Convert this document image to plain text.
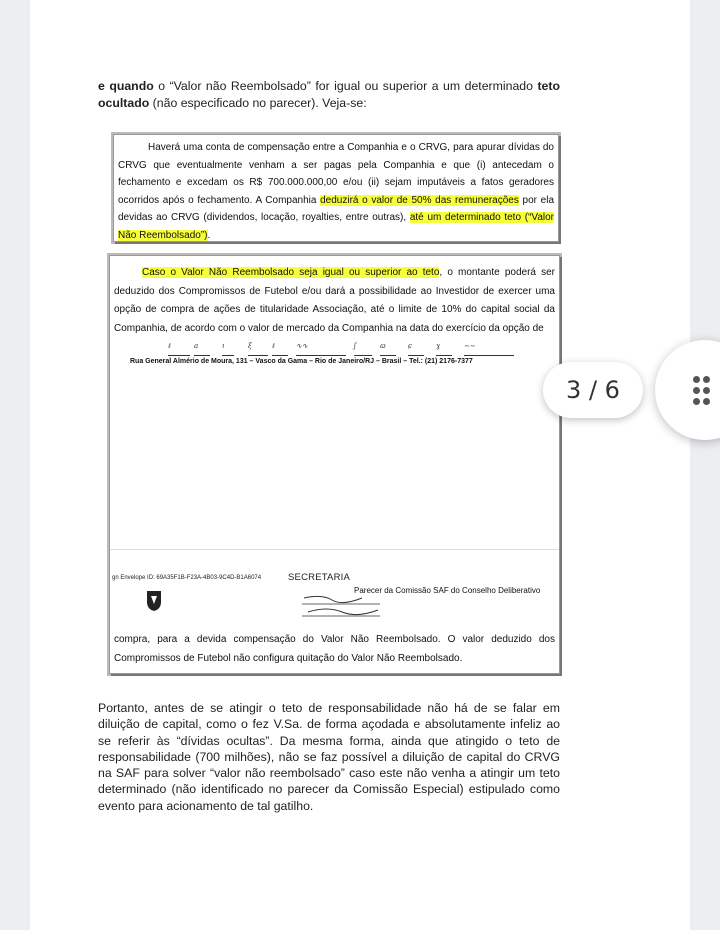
e quando o “Valor não Reembolsado” for igual ou superior a um determinado teto ocultado (não especificado no parecer). Veja-se:
Haverá uma conta de compensação entre a Companhia e o CRVG, para apurar dívidas do CRVG que eventualmente venham a ser pagas pela Companhia e que (i) antecedam o fechamento e excedam os R$ 700.000.000,00 e/ou (ii) sejam imputáveis a fatos geradores ocorridos após o fechamento. A Companhia deduzirá o valor de 50% das remunerações por ela devidas ao CRVG (dividendos, locação, royalties, entre outras), até um determinado teto (“Valor Não Reembolsado”).
Caso o Valor Não Reembolsado seja igual ou superior ao teto, o montante poderá ser deduzido dos Compromissos de Futebol e/ou dará a possibilidade ao Investidor de exercer uma opção de compra de ações de titularidade Associação, até o limite de 10% do capital social da Companhia, de acordo com o valor de mercado da Companhia na data do exercício da opção de
ℓ	a	ɩ	ξ	ℓ	∿∿	ʃ	ɷ	ɕ	ɣ	∼∼
Rua General Almério de Moura, 131 – Vasco da Gama – Rio de Janeiro/RJ – Brasil – Tel.: (21) 2176-7377
gn Envelope ID: 69A35F1B-F23A-4B03-9C4D-B1A6074	SECRETARIA
Parecer da Comissão SAF do Conselho Deliberativo
compra, para a devida compensação do Valor Não Reembolsado. O valor deduzido dos Compromissos de Futebol não configura quitação do Valor Não Reembolsado.
Portanto, antes de se atingir o teto de responsabilidade não há de se falar em diluição de capital, como o fez V.Sa. de forma açodada e absolutamente infeliz ao se referir às “dívidas ocultas”. Da mesma forma, ainda que atingido o teto de responsabilidade (700 milhões), não se faz possível a diluição de capital do CRVG na SAF para solver “valor não reembolsado” caso este não venha a atingir um teto determinado (não identificado no parecer da Comissão Especial) estipulado como evento para acionamento de tal gatilho.
3 / 6
